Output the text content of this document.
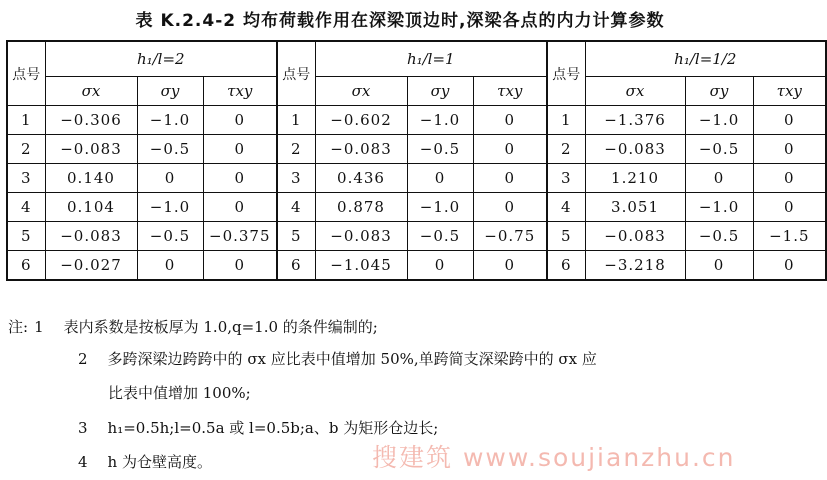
表 K.2.4-2 均布荷载作用在深梁顶边时,深梁各点的内力计算参数
点号	h₁/l=2			点号	h₁/l=1			点号	h₁/l=1/2		
	σx	σy	τxy		σx	σy	τxy		σx	σy	τxy
1	−0.306	−1.0	0	1	−0.602	−1.0	0	1	−1.376	−1.0	0
2	−0.083	−0.5	0	2	−0.083	−0.5	0	2	−0.083	−0.5	0
3	0.140	0	0	3	0.436	0	0	3	1.210	0	0
4	0.104	−1.0	0	4	0.878	−1.0	0	4	3.051	−1.0	0
5	−0.083	−0.5	−0.375	5	−0.083	−0.5	−0.75	5	−0.083	−0.5	−1.5
6	−0.027	0	0	6	−1.045	0	0	6	−3.218	0	0
注: 1 表内系数是按板厚为 1.0,q=1.0 的条件编制的;
2 多跨深梁边跨跨中的 σx 应比表中值增加 50%,单跨简支深梁跨中的 σx 应
比表中值增加 100%;
3 h₁=0.5h;l=0.5a 或 l=0.5b;a、b 为矩形仓边长;
4 h 为仓壁高度。	搜建筑 www.soujianzhu.cn
